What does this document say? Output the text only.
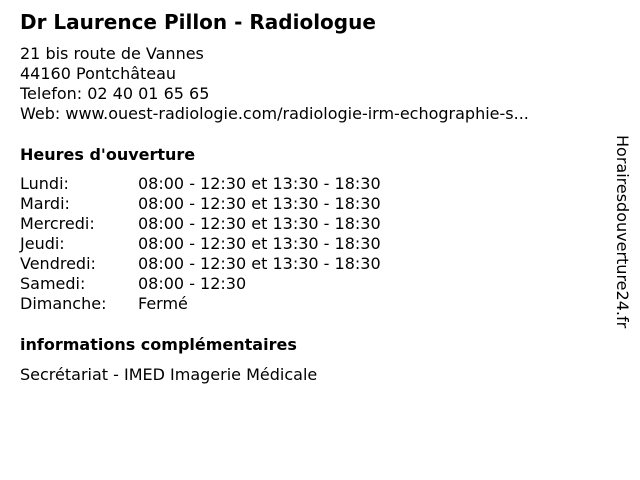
Dr Laurence Pillon - Radiologue
21 bis route de Vannes
44160 Pontchâteau
Telefon: 02 40 01 65 65
Web: www.ouest-radiologie.com/radiologie-irm-echographie-s...
Heures d'ouverture
Lundi:	08:00 - 12:30 et 13:30 - 18:30
Mardi:	08:00 - 12:30 et 13:30 - 18:30
Mercredi:	08:00 - 12:30 et 13:30 - 18:30
Jeudi:	08:00 - 12:30 et 13:30 - 18:30
Vendredi:	08:00 - 12:30 et 13:30 - 18:30
Samedi:	08:00 - 12:30
Dimanche:	Fermé
informations complémentaires
Secrétariat - IMED Imagerie Médicale
Horairesdouverture24.fr
